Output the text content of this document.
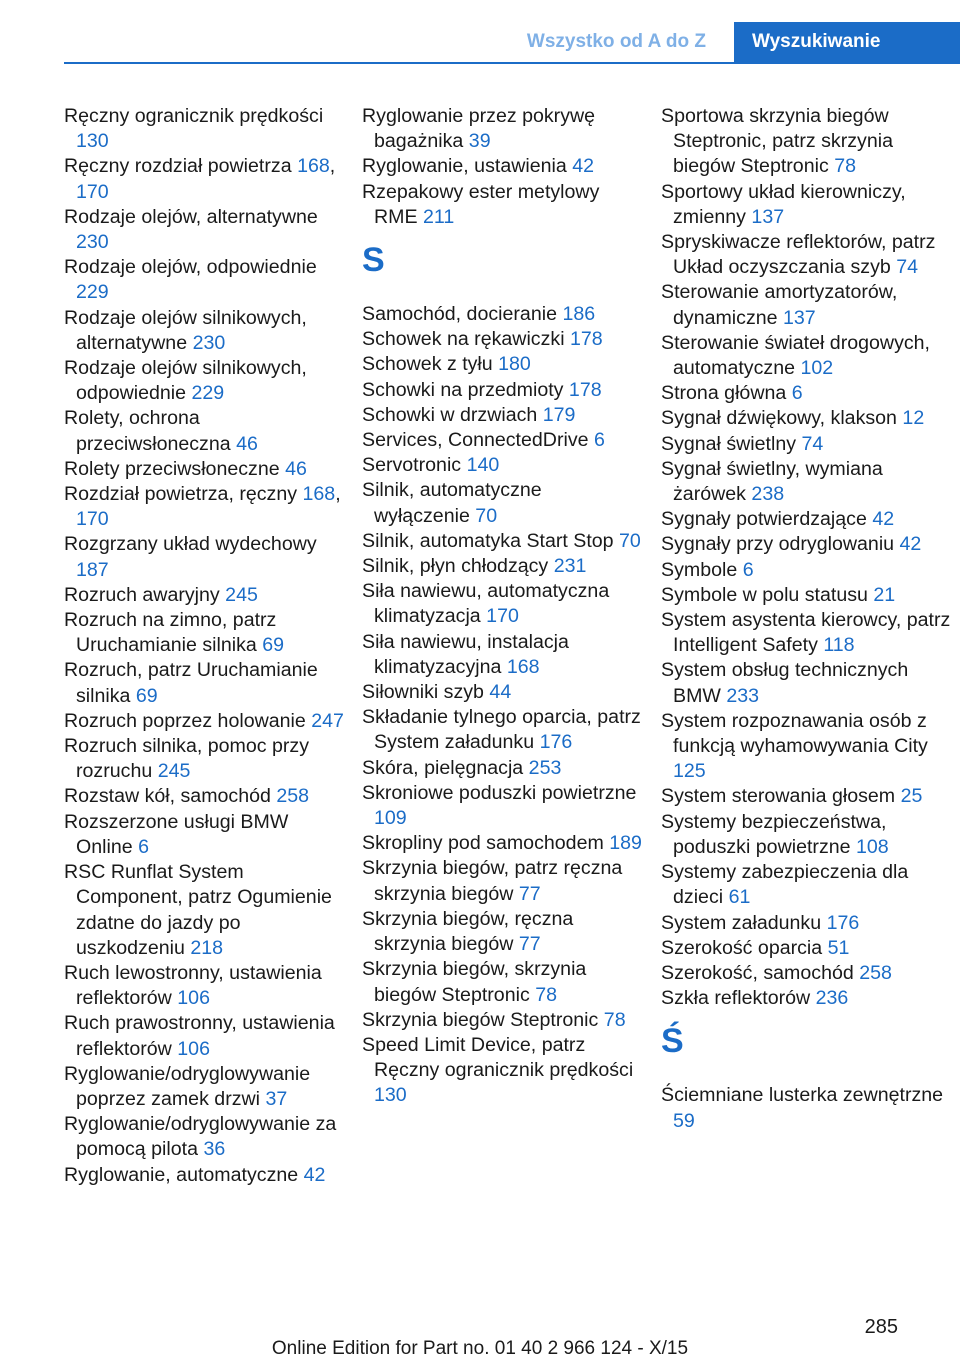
Wszystko od A do Z	Wyszukiwanie
Ręczny ogranicznik prędkości 130
Ręczny rozdział powietrza 168, 170
Rodzaje olejów, alternatywne 230
Rodzaje olejów, odpowiednie 229
Rodzaje olejów silnikowych, alternatywne 230
Rodzaje olejów silnikowych, odpowiednie 229
Rolety, ochrona przeciwsłoneczna 46
Rolety przeciwsłoneczne 46
Rozdział powietrza, ręczny 168, 170
Rozgrzany układ wydechowy 187
Rozruch awaryjny 245
Rozruch na zimno, patrz Uruchamianie silnika 69
Rozruch, patrz Uruchamianie silnika 69
Rozruch poprzez holowanie 247
Rozruch silnika, pomoc przy rozruchu 245
Rozstaw kół, samochód 258
Rozszerzone usługi BMW Online 6
RSC Runflat System Component, patrz Ogumienie zdatne do jazdy po uszkodzeniu 218
Ruch lewostronny, ustawienia reflektorów 106
Ruch prawostronny, ustawienia reflektorów 106
Ryglowanie/odryglowywanie poprzez zamek drzwi 37
Ryglowanie/odryglowywanie za pomocą pilota 36
Ryglowanie, automatyczne 42
Ryglowanie przez pokrywę bagażnika 39
Ryglowanie, ustawienia 42
Rzepakowy ester metylowy RME 211
S
Samochód, docieranie 186
Schowek na rękawiczki 178
Schowek z tyłu 180
Schowki na przedmioty 178
Schowki w drzwiach 179
Services, ConnectedDrive 6
Servotronic 140
Silnik, automatyczne wyłączenie 70
Silnik, automatyka Start Stop 70
Silnik, płyn chłodzący 231
Siła nawiewu, automatyczna klimatyzacja 170
Siła nawiewu, instalacja klimatyzacyjna 168
Siłowniki szyb 44
Składanie tylnego oparcia, patrz System załadunku 176
Skóra, pielęgnacja 253
Skroniowe poduszki powietrzne 109
Skropliny pod samochodem 189
Skrzynia biegów, patrz ręczna skrzynia biegów 77
Skrzynia biegów, ręczna skrzynia biegów 77
Skrzynia biegów, skrzynia biegów Steptronic 78
Skrzynia biegów Steptronic 78
Speed Limit Device, patrz Ręczny ogranicznik prędkości 130
Sportowa skrzynia biegów Steptronic, patrz skrzynia biegów Steptronic 78
Sportowy układ kierowniczy, zmienny 137
Spryskiwacze reflektorów, patrz Układ oczyszczania szyb 74
Sterowanie amortyzatorów, dynamiczne 137
Sterowanie świateł drogowych, automatyczne 102
Strona główna 6
Sygnał dźwiękowy, klakson 12
Sygnał świetlny 74
Sygnał świetlny, wymiana żarówek 238
Sygnały potwierdzające 42
Sygnały przy odryglowaniu 42
Symbole 6
Symbole w polu statusu 21
System asystenta kierowcy, patrz Intelligent Safety 118
System obsług technicznych BMW 233
System rozpoznawania osób z funkcją wyhamowywania City 125
System sterowania głosem 25
Systemy bezpieczeństwa, poduszki powietrzne 108
Systemy zabezpieczenia dla dzieci 61
System załadunku 176
Szerokość oparcia 51
Szerokość, samochód 258
Szkła reflektorów 236
Ś
Ściemniane lusterka zewnętrzne 59
285
Online Edition for Part no. 01 40 2 966 124 - X/15
